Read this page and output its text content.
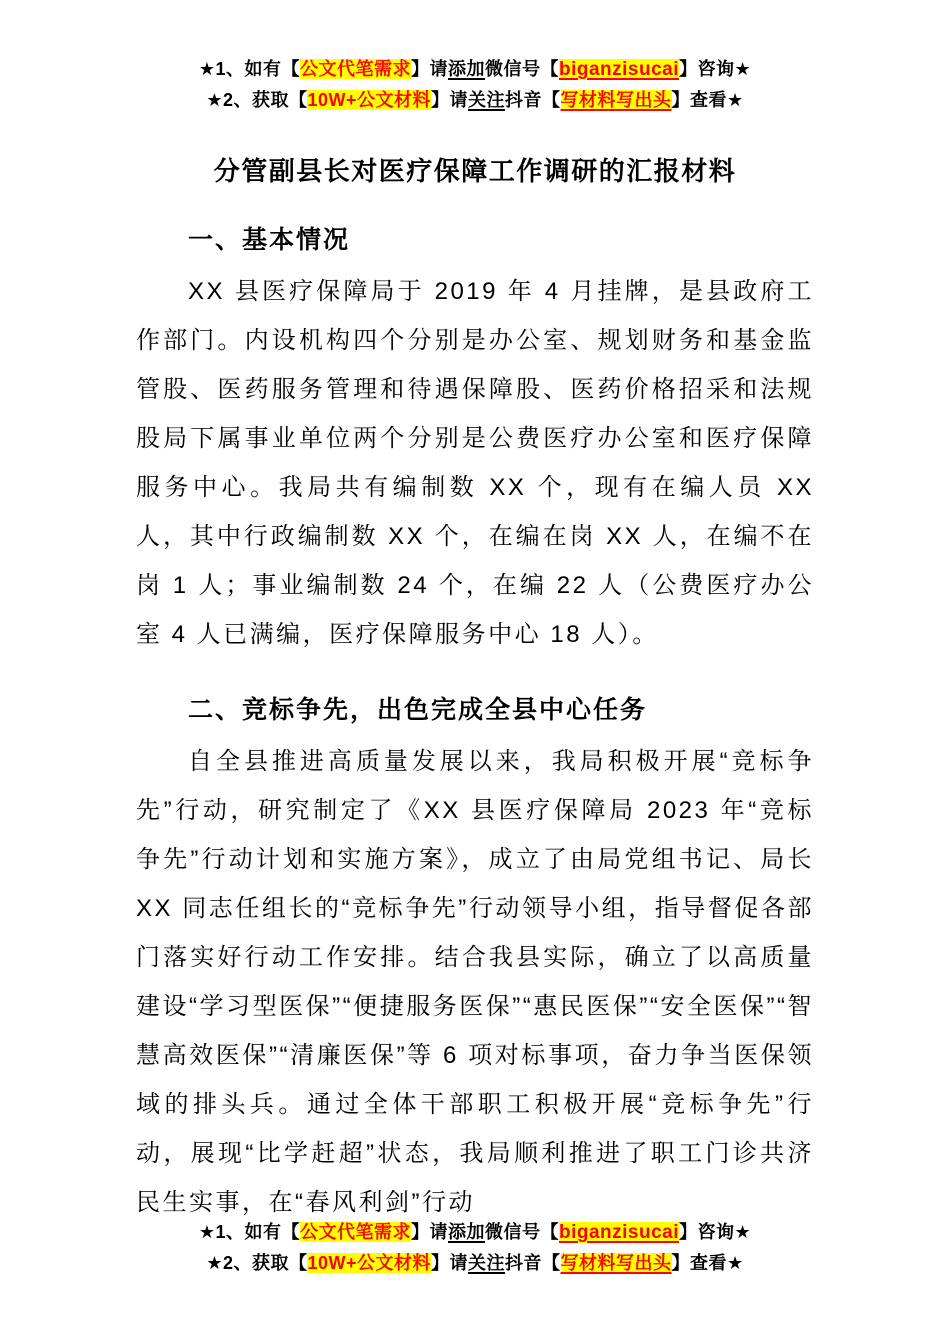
★1、如有【公文代笔需求】请添加微信号【biganzisucai】咨询★
★2、获取【10W+公文材料】请关注抖音【写材料写出头】查看★
分管副县长对医疗保障工作调研的汇报材料
一、基本情况

XX 县医疗保障局于 2019 年 4 月挂牌，是县政府工作部门。内设机构四个分别是办公室、规划财务和基金监管股、医药服务管理和待遇保障股、医药价格招采和法规股局下属事业单位两个分别是公费医疗办公室和医疗保障服务中心。我局共有编制数 XX 个，现有在编人员 XX 人，其中行政编制数 XX 个，在编在岗 XX 人，在编不在岗 1 人；事业编制数 24 个，在编 22 人（公费医疗办公室 4 人已满编，医疗保障服务中心 18 人）。

二、竞标争先，出色完成全县中心任务

自全县推进高质量发展以来，我局积极开展“竞标争先”行动，研究制定了《XX 县医疗保障局 2023 年“竞标争先”行动计划和实施方案》，成立了由局党组书记、局长 XX 同志任组长的“竞标争先”行动领导小组，指导督促各部门落实好行动工作安排。结合我县实际，确立了以高质量建设“学习型医保”“便捷服务医保”“惠民医保”“安全医保”“智慧高效医保”“清廉医保”等 6 项对标事项，奋力争当医保领域的排头兵。通过全体干部职工积极开展“竞标争先”行动，展现“比学赶超”状态，我局顺利推进了职工门诊共济民生实事，在“春风利剑”行动

★1、如有【公文代笔需求】请添加微信号【biganzisucai】咨询★
★2、获取【10W+公文材料】请关注抖音【写材料写出头】查看★
